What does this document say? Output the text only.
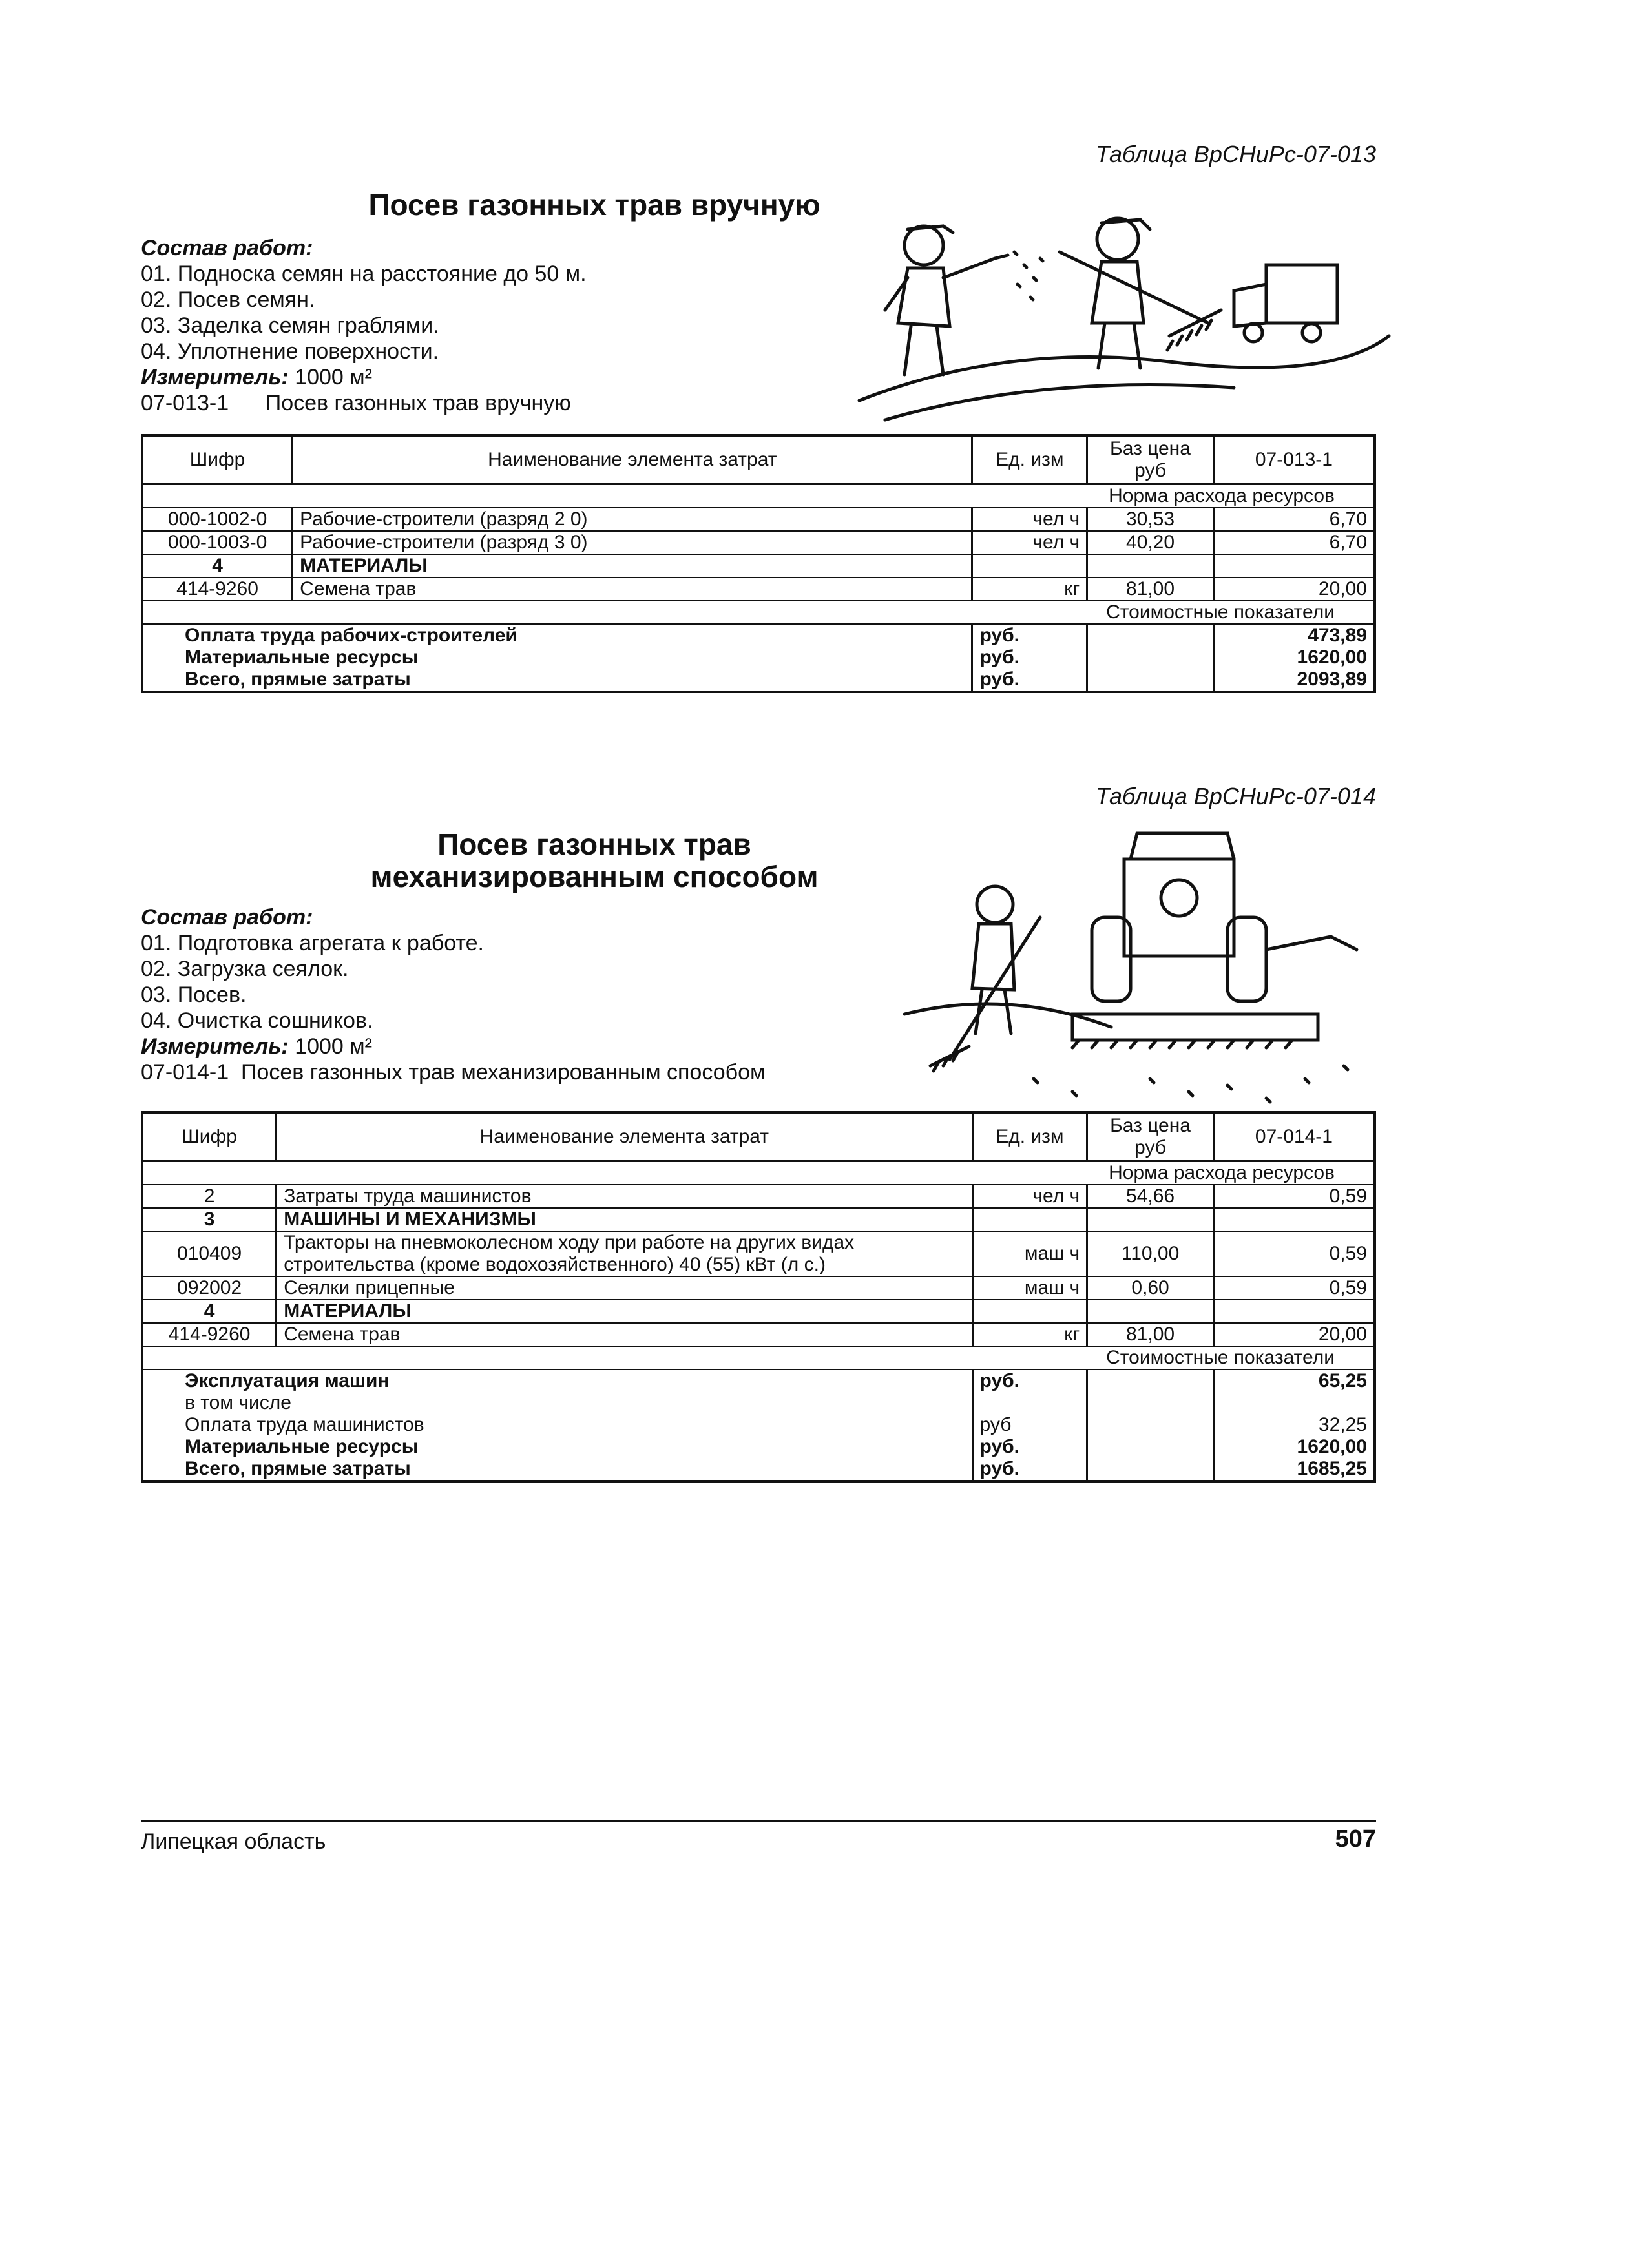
Таблица ВрСНиРс-07-013
Посев газонных трав вручную
Состав работ:
01. Подноска семян на расстояние до 50 м.
02. Посев семян.
03. Заделка семян граблями.
04. Уплотнение поверхности.
Измеритель: 1000 м²
07-013-1      Посев газонных трав вручную
Шифр	Наименование элемента затрат	Ед. изм	Баз цена руб	07-013-1
Норма расхода ресурсов				
000-1002-0	Рабочие-строители (разряд 2 0)	чел ч	30,53	6,70
000-1003-0	Рабочие-строители (разряд 3 0)	чел ч	40,20	6,70
4	МАТЕРИАЛЫ			
414-9260	Семена трав	кг	81,00	20,00
Стоимостные показатели				
Оплата труда рабочих-строителей		руб.		473,89
Материальные ресурсы		руб.		1620,00
Всего, прямые затраты		руб.		2093,89
Таблица ВрСНиРс-07-014
Посев газонных трав
механизированным способом
Состав работ:
01. Подготовка агрегата к работе.
02. Загрузка сеялок.
03. Посев.
04. Очистка сошников.
Измеритель: 1000 м²
07-014-1  Посев газонных трав механизированным способом
Шифр	Наименование элемента затрат	Ед. изм	Баз цена руб	07-014-1
Норма расхода ресурсов				
2	Затраты труда машинистов	чел ч	54,66	0,59
3	МАШИНЫ И МЕХАНИЗМЫ			
010409	Тракторы на пневмоколесном ходу при работе на других видах строительства (кроме водохозяйственного) 40 (55) кВт (л с.)	маш ч	110,00	0,59
092002	Сеялки прицепные	маш ч	0,60	0,59
4	МАТЕРИАЛЫ			
414-9260	Семена трав	кг	81,00	20,00
Стоимостные показатели				
Эксплуатация машин		руб.		65,25
в том числе				
Оплата труда машинистов		руб		32,25
Материальные ресурсы		руб.		1620,00
Всего, прямые затраты		руб.		1685,25
Липецкая область	507
